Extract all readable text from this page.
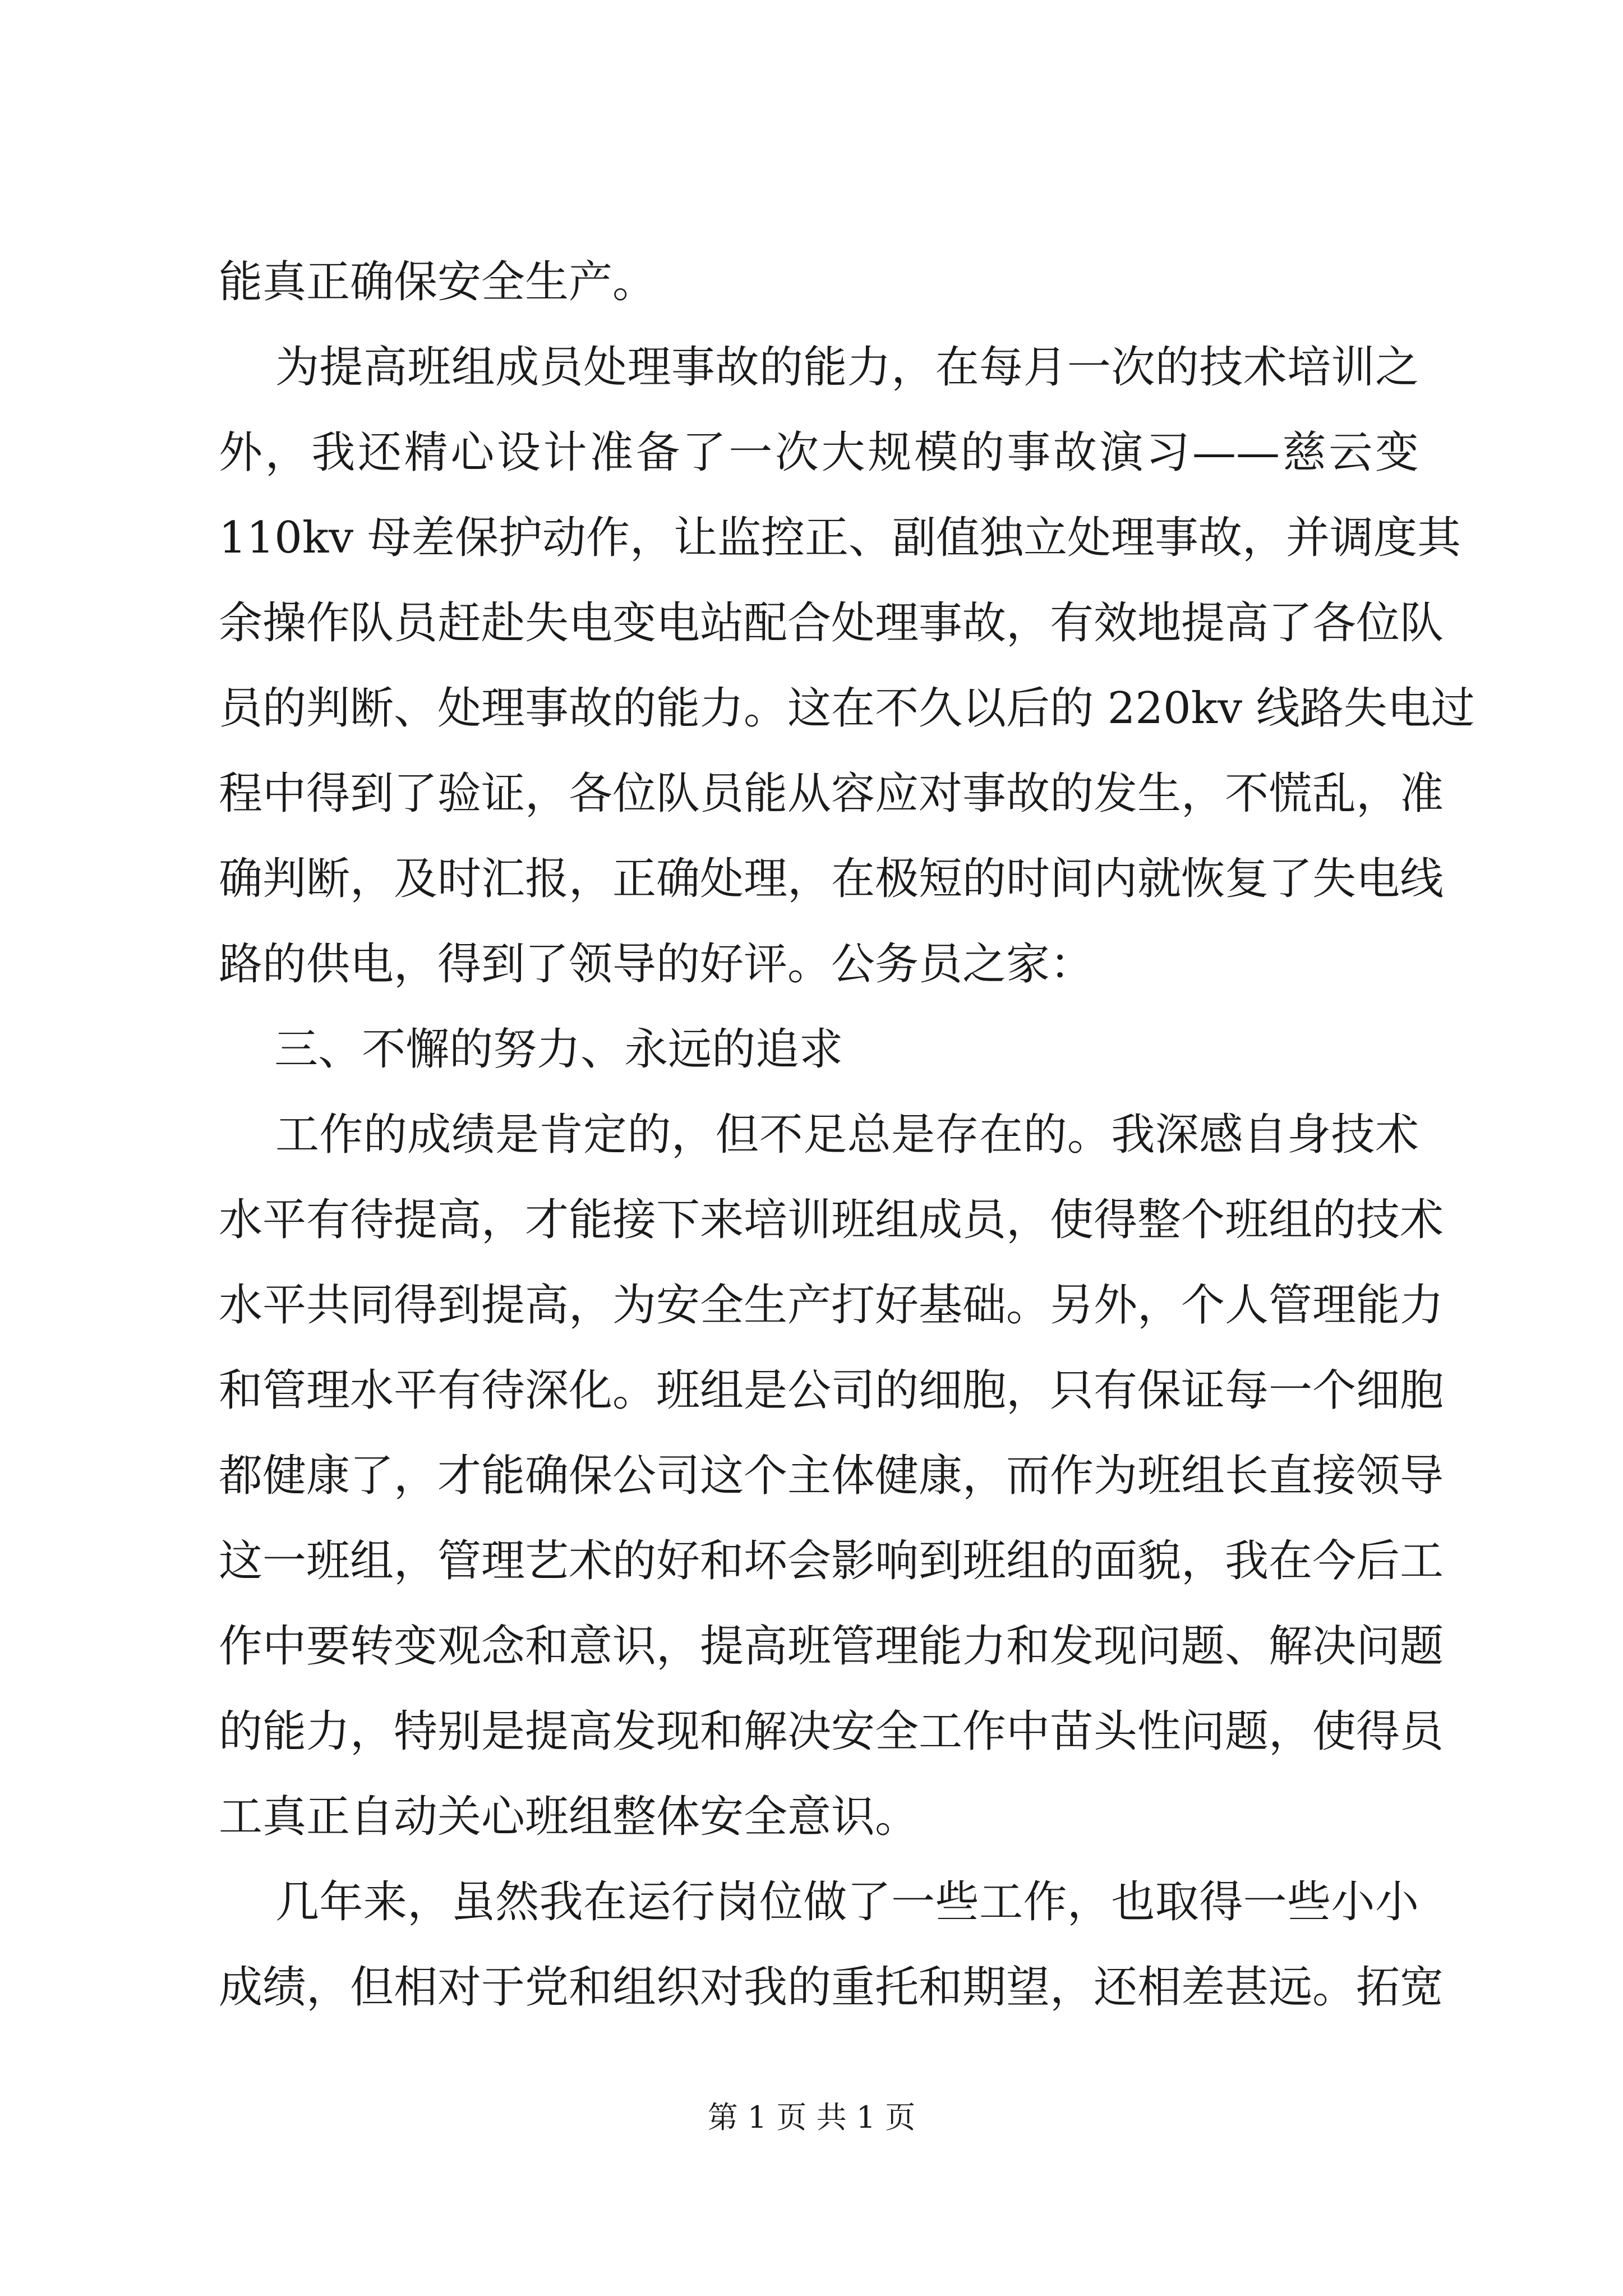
能真正确保安全生产。
为提高班组成员处理事故的能力，在每月一次的技术培训之
外，我还精心设计准备了一次大规模的事故演习——慈云变
110kv 母差保护动作，让监控正、副值独立处理事故，并调度其
余操作队员赶赴失电变电站配合处理事故，有效地提高了各位队
员的判断、处理事故的能力。这在不久以后的 220kv 线路失电过
程中得到了验证，各位队员能从容应对事故的发生，不慌乱，准
确判断，及时汇报，正确处理，在极短的时间内就恢复了失电线
路的供电，得到了领导的好评。公务员之家：
三、不懈的努力、永远的追求
工作的成绩是肯定的，但不足总是存在的。我深感自身技术
水平有待提高，才能接下来培训班组成员，使得整个班组的技术
水平共同得到提高，为安全生产打好基础。另外，个人管理能力
和管理水平有待深化。班组是公司的细胞，只有保证每一个细胞
都健康了，才能确保公司这个主体健康，而作为班组长直接领导
这一班组，管理艺术的好和坏会影响到班组的面貌，我在今后工
作中要转变观念和意识，提高班管理能力和发现问题、解决问题
的能力，特别是提高发现和解决安全工作中苗头性问题，使得员
工真正自动关心班组整体安全意识。
几年来，虽然我在运行岗位做了一些工作，也取得一些小小
成绩，但相对于党和组织对我的重托和期望，还相差甚远。拓宽
第 1 页 共 1 页
